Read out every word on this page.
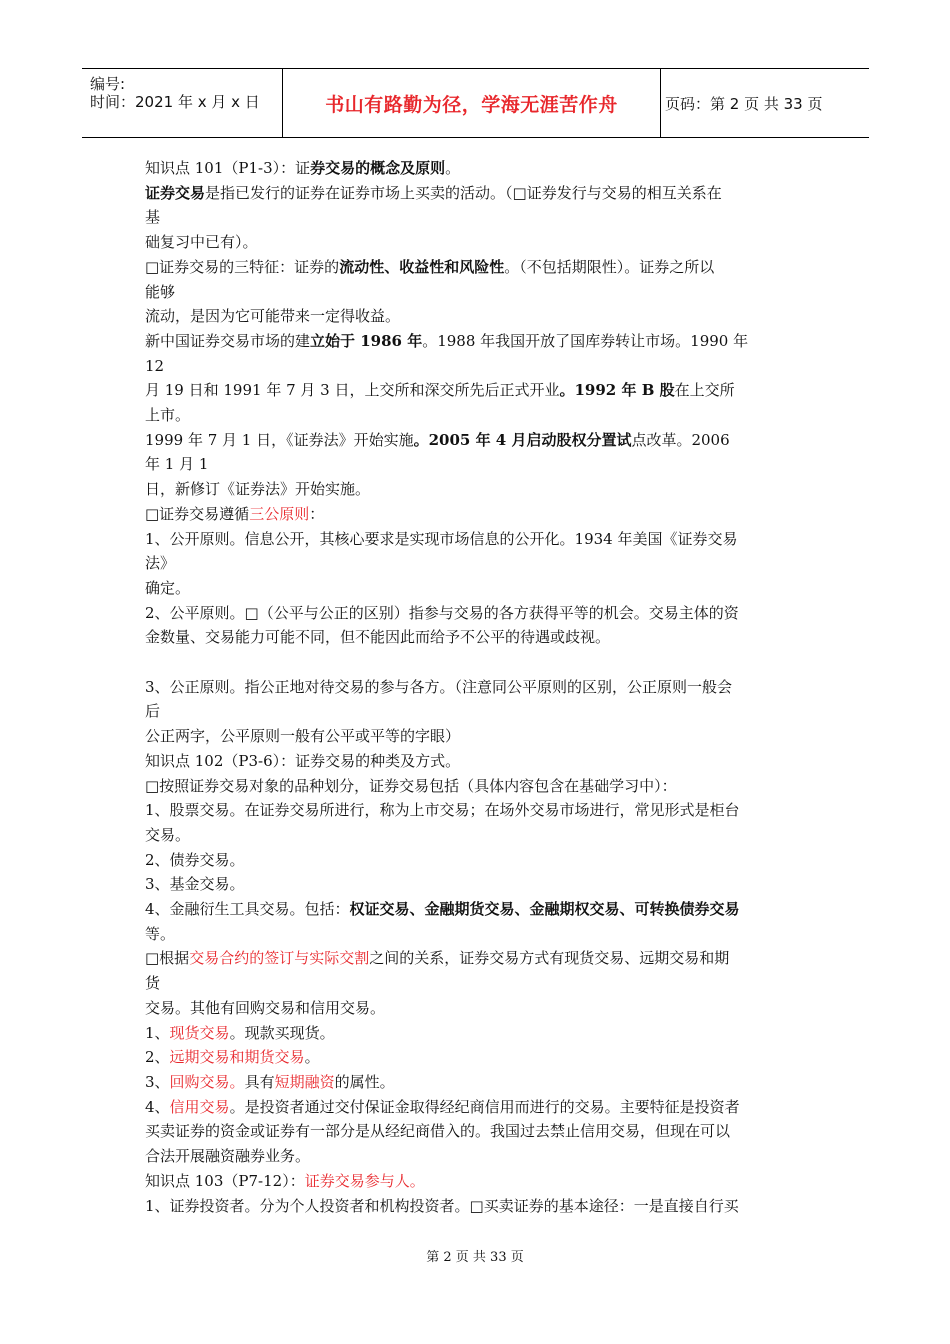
编号:
时间：2021 年 x 月 x 日	书山有路勤为径，学海无涯苦作舟	页码：第 2 页 共 33 页

知识点 101（P1-3）：证券交易的概念及原则。

证券交易是指已发行的证券在证券市场上买卖的活动。（□证券发行与交易的相互关系在

基

础复习中已有）。

□证券交易的三特征：证券的流动性、收益性和风险性。（不包括期限性）。证券之所以

能够

流动，是因为它可能带来一定得收益。

新中国证券交易市场的建立始于 1986 年。1988 年我国开放了国库券转让市场。1990 年

12

月 19 日和 1991 年 7 月 3 日，上交所和深交所先后正式开业。1992 年 B 股在上交所

上市。

1999 年 7 月 1 日，《证券法》开始实施。2005 年 4 月启动股权分置试点改革。2006

年 1 月 1

日，新修订《证券法》开始实施。

□证券交易遵循三公原则：

1、公开原则。信息公开，其核心要求是实现市场信息的公开化。1934 年美国《证券交易

法》

确定。

2、公平原则。□（公平与公正的区别）指参与交易的各方获得平等的机会。交易主体的资

金数量、交易能力可能不同，但不能因此而给予不公平的待遇或歧视。

3、公正原则。指公正地对待交易的参与各方。（注意同公平原则的区别，公正原则一般会

后

公正两字，公平原则一般有公平或平等的字眼）

知识点 102（P3-6）：证券交易的种类及方式。

□按照证券交易对象的品种划分，证券交易包括（具体内容包含在基础学习中）：

1、股票交易。在证券交易所进行，称为上市交易；在场外交易市场进行，常见形式是柜台

交易。

2、债券交易。

3、基金交易。

4、金融衍生工具交易。包括：权证交易、金融期货交易、金融期权交易、可转换债券交易

等。

□根据交易合约的签订与实际交割之间的关系，证券交易方式有现货交易、远期交易和期

货

交易。其他有回购交易和信用交易。

1、现货交易。现款买现货。

2、远期交易和期货交易。

3、回购交易。具有短期融资的属性。

4、信用交易。是投资者通过交付保证金取得经纪商信用而进行的交易。主要特征是投资者

买卖证券的资金或证券有一部分是从经纪商借入的。我国过去禁止信用交易，但现在可以

合法开展融资融券业务。

知识点 103（P7-12）：证券交易参与人。

1、证券投资者。分为个人投资者和机构投资者。□买卖证券的基本途径：一是直接自行买

第 2 页 共 33 页
